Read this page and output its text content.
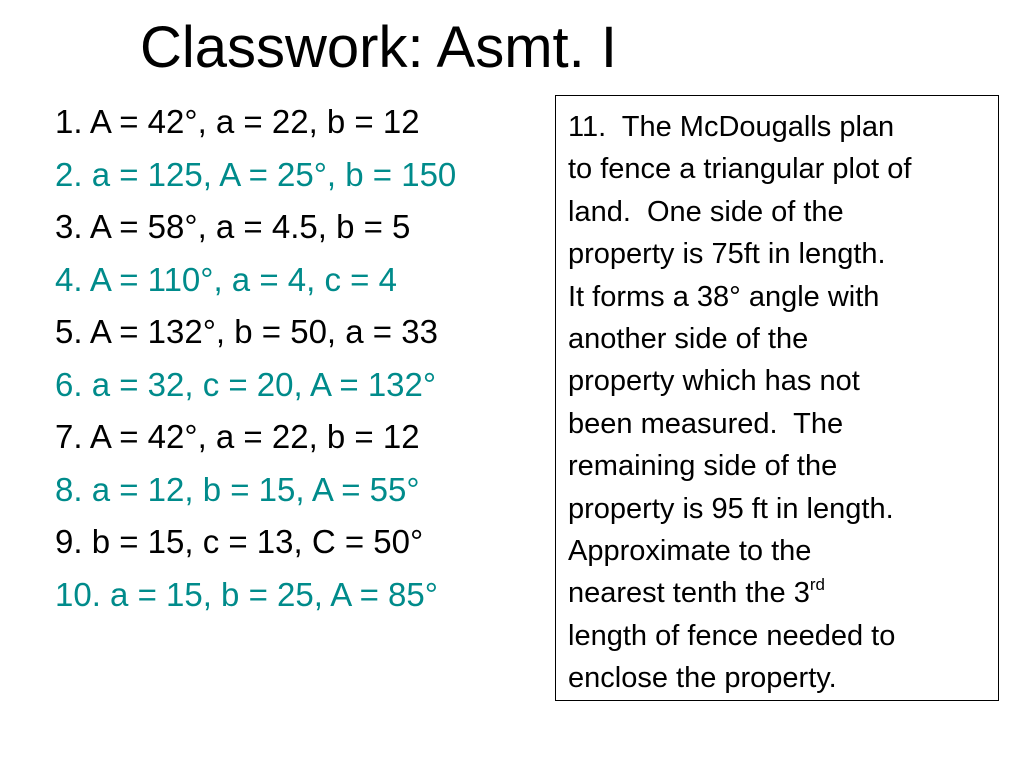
Classwork: Asmt. I
1. A = 42°, a = 22, b = 12
2. a = 125, A = 25°, b = 150
3. A = 58°, a = 4.5, b = 5
4. A = 110°, a = 4, c = 4
5. A = 132°, b = 50, a = 33
6. a = 32, c = 20, A = 132°
7. A = 42°, a = 22, b = 12
8. a = 12, b = 15, A = 55°
9. b = 15, c = 13, C = 50°
10. a = 15, b = 25, A = 85°
11.  The McDougalls plan
to fence a triangular plot of
land.  One side of the
property is 75ft in length.
It forms a 38° angle with
another side of the
property which has not
been measured.  The
remaining side of the
property is 95 ft in length.
Approximate to the
nearest tenth the 3rd
length of fence needed to
enclose the property.
